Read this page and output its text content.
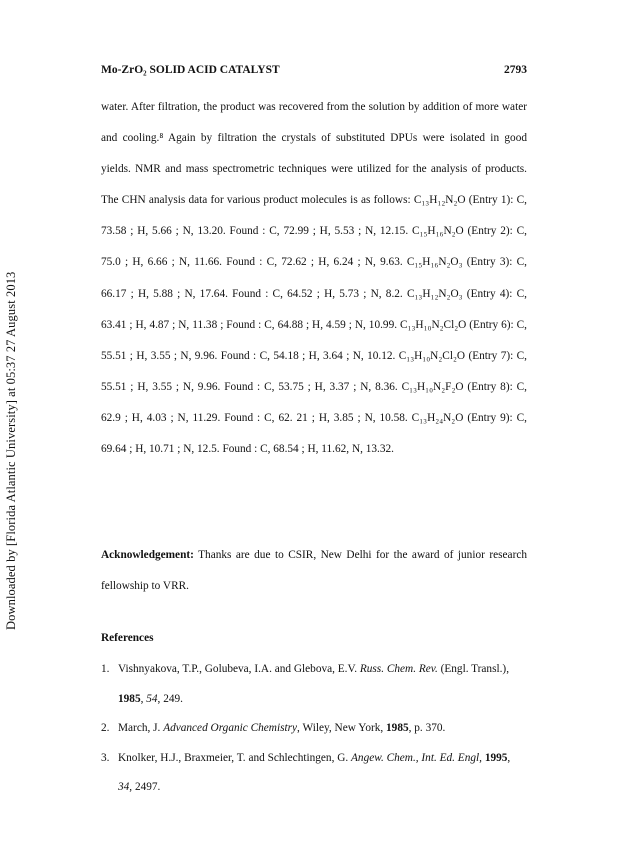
Downloaded by [Florida Atlantic University] at 05:37 27 August 2013
Mo-ZrO₂ SOLID ACID CATALYST	2793

water. After filtration, the product was recovered from the solution by addition of more water and cooling.⁸ Again by filtration the crystals of substituted DPUs were isolated in good yields. NMR and mass spectrometric techniques were utilized for the analysis of products. The CHN analysis data for various product molecules is as follows: C₁₃H₁₂N₂O (Entry 1): C, 73.58 ; H, 5.66 ; N, 13.20. Found : C, 72.99 ; H, 5.53 ; N, 12.15. C₁₅H₁₆N₂O (Entry 2): C, 75.0 ; H, 6.66 ; N, 11.66. Found : C, 72.62 ; H, 6.24 ; N, 9.63. C₁₅H₁₆N₂O₃ (Entry 3): C, 66.17 ; H, 5.88 ; N, 17.64. Found : C, 64.52 ; H, 5.73 ; N, 8.2. C₁₃H₁₂N₂O₃ (Entry 4): C, 63.41 ; H, 4.87 ; N, 11.38 ; Found : C, 64.88 ; H, 4.59 ; N, 10.99. C₁₃H₁₀N₂Cl₂O (Entry 6): C, 55.51 ; H, 3.55 ; N, 9.96. Found : C, 54.18 ; H, 3.64 ; N, 10.12. C₁₃H₁₀N₂Cl₂O (Entry 7): C, 55.51 ; H, 3.55 ; N, 9.96. Found : C, 53.75 ; H, 3.37 ; N, 8.36. C₁₃H₁₀N₂F₂O (Entry 8): C, 62.9 ; H, 4.03 ; N, 11.29. Found : C, 62. 21 ; H, 3.85 ; N, 10.58. C₁₃H₂₄N₂O (Entry 9): C, 69.64 ; H, 10.71 ; N, 12.5. Found : C, 68.54 ; H, 11.62, N, 13.32.

Acknowledgement: Thanks are due to CSIR, New Delhi for the award of junior research fellowship to VRR.
References
1. Vishnyakova, T.P., Golubeva, I.A. and Glebova, E.V. Russ. Chem. Rev. (Engl. Transl.), 1985, 54, 249.
2. March, J. Advanced Organic Chemistry, Wiley, New York, 1985, p. 370.
3. Knolker, H.J., Braxmeier, T. and Schlechtingen, G. Angew. Chem., Int. Ed. Engl, 1995, 34, 2497.
